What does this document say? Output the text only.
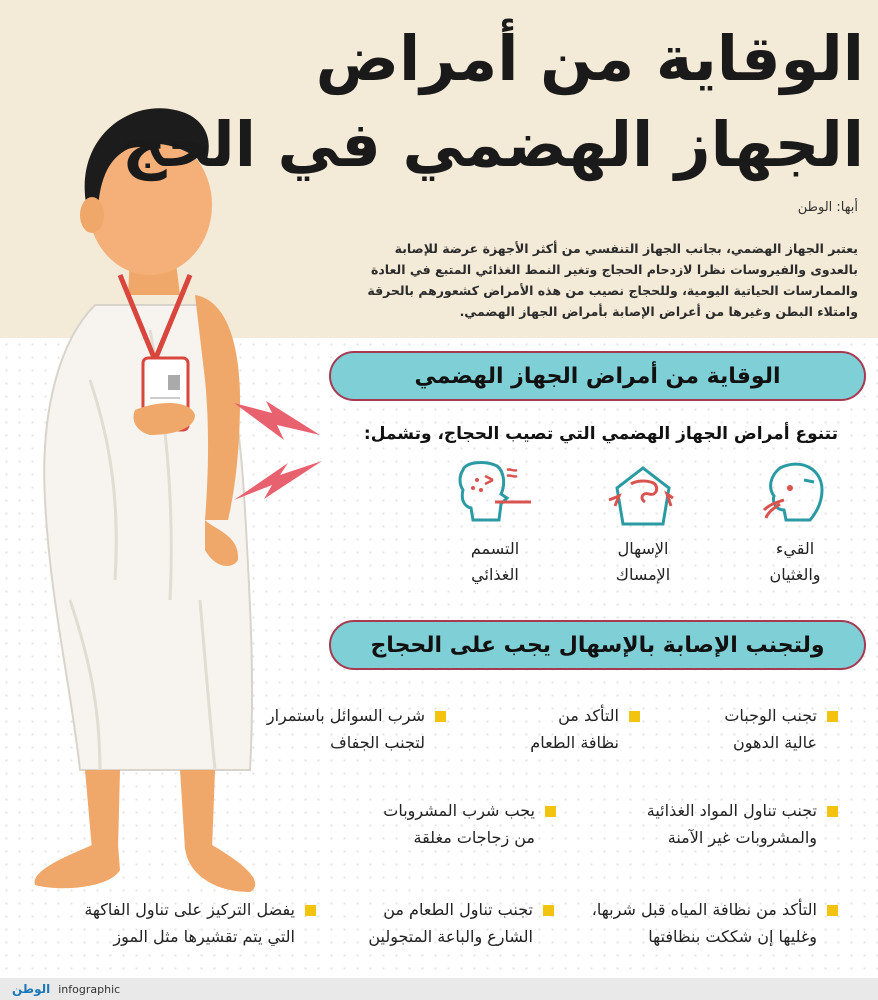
الوقاية من أمراض
الجهاز الهضمي في الحج
أبها: الوطن
يعتبر الجهاز الهضمي، بجانب الجهاز التنفسي من أكثر الأجهزة عرضة للإصابة بالعدوى والفيروسات نظرا لازدحام الحجاج وتغير النمط الغذائي المتبع في العادة والممارسات الحياتية اليومية، وللحجاج نصيب من هذه الأمراض كشعورهم بالحرقة وامتلاء البطن وغيرها من أعراض الإصابة بأمراض الجهاز الهضمي.
الوقاية من أمراض الجهاز الهضمي
تتنوع أمراض الجهاز الهضمي التي تصيب الحجاج، وتشمل:
القيء
والغثيان
الإسهال
الإمساك
التسمم
الغذائي
ولتجنب الإصابة بالإسهال يجب على الحجاج
تجنب الوجبات
عالية الدهون
التأكد من
نظافة الطعام
شرب السوائل باستمرار
لتجنب الجفاف
تجنب تناول المواد الغذائية
والمشروبات غير الآمنة
يجب شرب المشروبات
من زجاجات مغلقة
التأكد من نظافة المياه قبل شربها،
وغليها إن شككت بنظافتها
تجنب تناول الطعام من
الشارع والباعة المتجولين
يفضل التركيز على تناول الفاكهة
التي يتم تقشيرها مثل الموز
الوطن infographic
